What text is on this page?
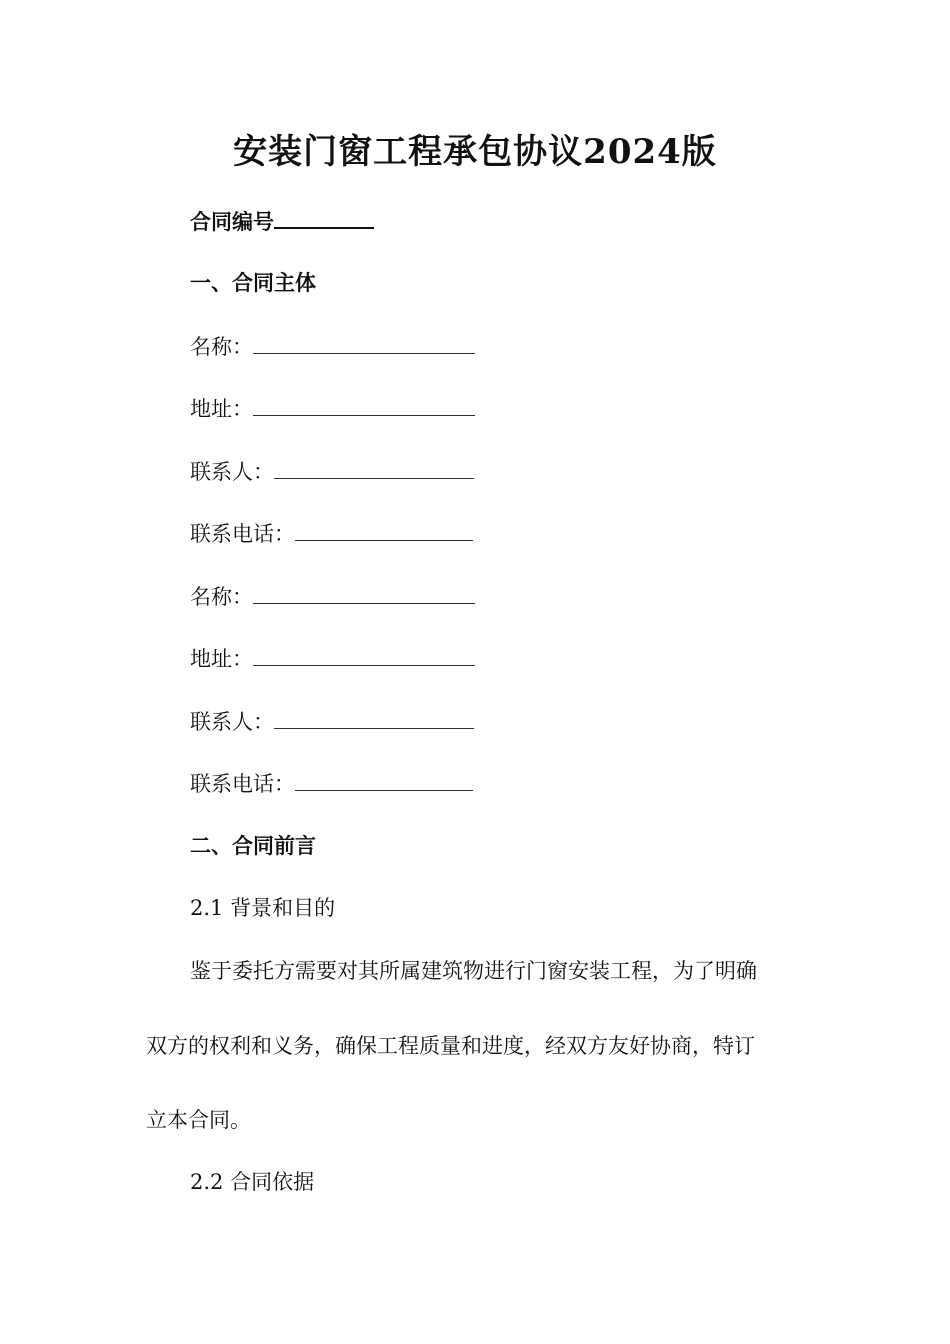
安装门窗工程承包协议2024版
合同编号
一、合同主体
名称：
地址：
联系人：
联系电话：
名称：
地址：
联系人：
联系电话：
二、合同前言
2.1 背景和目的
鉴于委托方需要对其所属建筑物进行门窗安装工程，为了明确
双方的权利和义务，确保工程质量和进度，经双方友好协商，特订
立本合同。
2.2 合同依据
